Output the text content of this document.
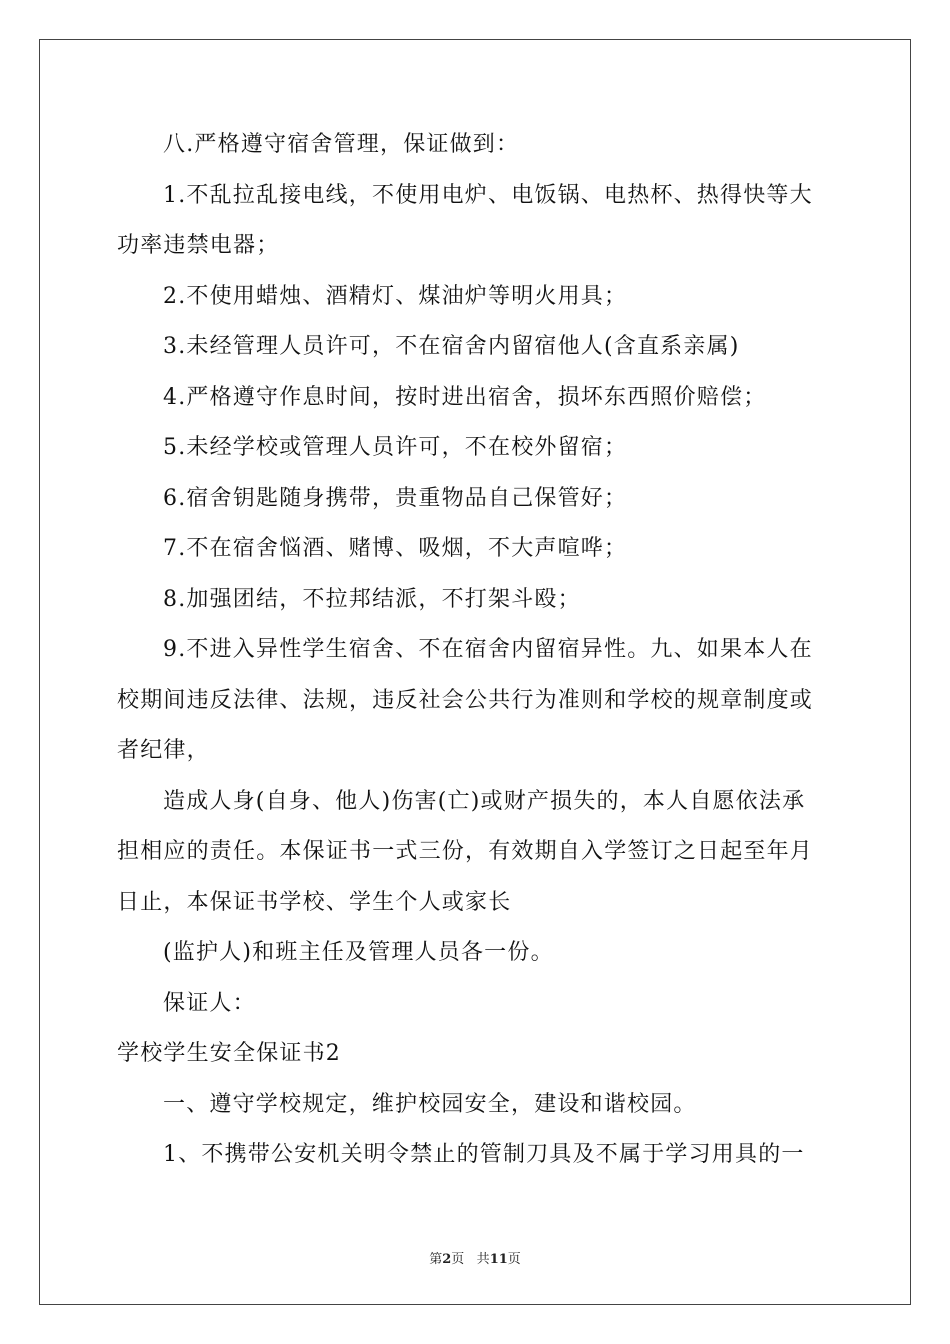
八.严格遵守宿舍管理，保证做到：

1.不乱拉乱接电线，不使用电炉、电饭锅、电热杯、热得快等大

功率违禁电器；

2.不使用蜡烛、酒精灯、煤油炉等明火用具；

3.未经管理人员许可，不在宿舍内留宿他人(含直系亲属)

4.严格遵守作息时间，按时进出宿舍，损坏东西照价赔偿；

5.未经学校或管理人员许可，不在校外留宿；

6.宿舍钥匙随身携带，贵重物品自己保管好；

7.不在宿舍悩酒、赌博、吸烟，不大声喧哗；

8.加强团结，不拉邦结派，不打架斗殴；

9.不进入异性学生宿舍、不在宿舍内留宿异性。九、如果本人在

校期间违反法律、法规，违反社会公共行为准则和学校的规章制度或

者纪律，

造成人身(自身、他人)伤害(亡)或财产损失的，本人自愿依法承

担相应的责任。本保证书一式三份，有效期自入学签订之日起至年月

日止，本保证书学校、学生个人或家长

(监护人)和班主任及管理人员各一份。

保证人：

学校学生安全保证书2

一、遵守学校规定，维护校园安全，建设和谐校园。

1、不携带公安机关明令禁止的管制刀具及不属于学习用具的一

第2页 共11页
